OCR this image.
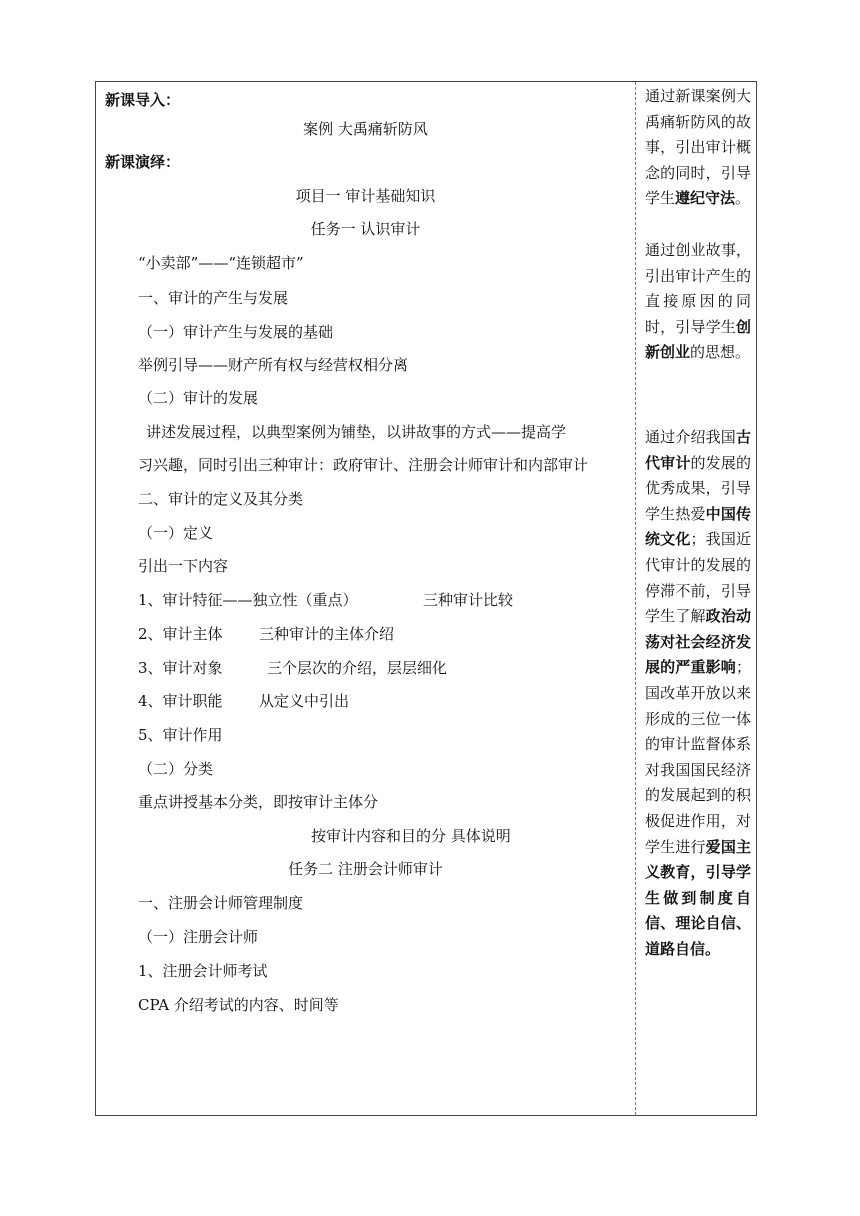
新课导入：
案例 大禹痛斩防风
新课演绎：
项目一 审计基础知识
任务一 认识审计
“小卖部”——“连锁超市”
一、审计的产生与发展
（一）审计产生与发展的基础
举例引导——财产所有权与经营权相分离
（二）审计的发展
讲述发展过程，以典型案例为铺垫，以讲故事的方式——提高学
习兴趣，同时引出三种审计：政府审计、注册会计师审计和内部审计
二、审计的定义及其分类
（一）定义
引出一下内容
1、审计特征——独立性（重点）	三种审计比较
2、审计主体 三种审计的主体介绍
3、审计对象	三个层次的介绍，层层细化
4、审计职能 从定义中引出
5、审计作用
（二）分类
重点讲授基本分类，即按审计主体分
按审计内容和目的分 具体说明
任务二 注册会计师审计
一、注册会计师管理制度
（一）注册会计师
1、注册会计师考试
CPA 介绍考试的内容、时间等
通过新课案例大禹痛斩防风的故事，引出审计概念的同时，引导学生遵纪守法。
通过创业故事，引出审计产生的直接原因的同时，引导学生创新创业的思想。
通过介绍我国古代审计的发展的优秀成果，引导学生热爱中国传统文化；我国近代审计的发展的停滞不前，引导学生了解政治动荡对社会经济发展的严重影响；国改革开放以来形成的三位一体的审计监督体系对我国国民经济的发展起到的积极促进作用，对学生进行爱国主义教育，引导学生做到制度自信、理论自信、道路自信。
